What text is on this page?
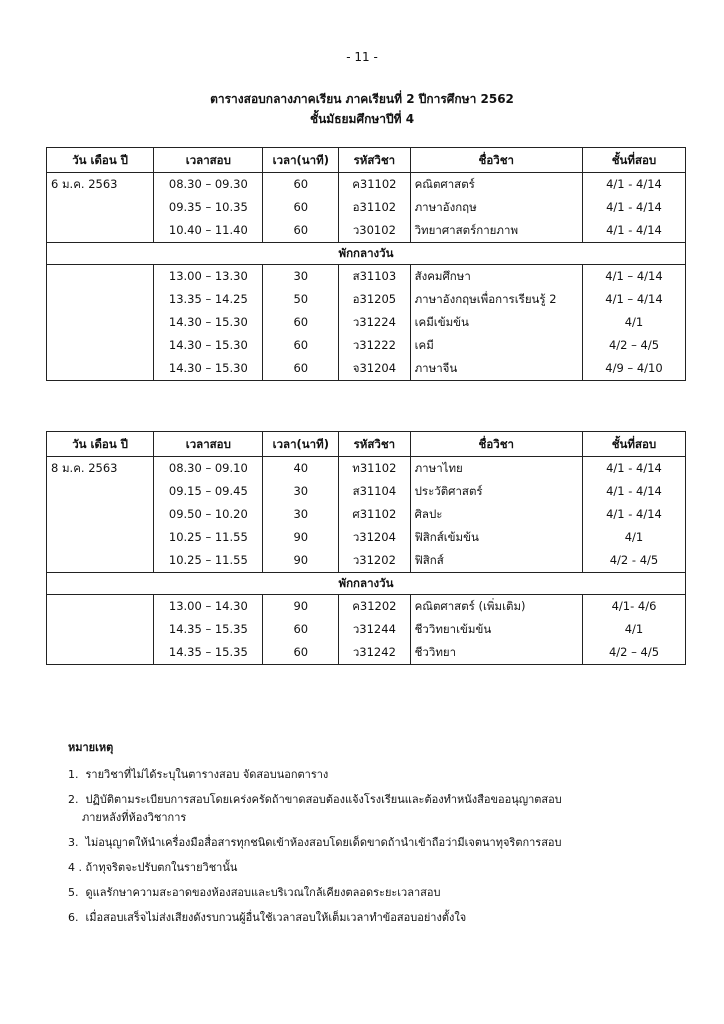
- 11 -
ตารางสอบกลางภาคเรียน ภาคเรียนที่ 2 ปีการศึกษา 2562
ชั้นมัธยมศึกษาปีที่ 4
วัน เดือน ปี	เวลาสอบ	เวลา(นาที)	รหัสวิชา	ชื่อวิชา	ชั้นที่สอบ
6 ม.ค. 2563	08.30 – 09.30	60	ค31102	คณิตศาสตร์	4/1 - 4/14
	09.35 – 10.35	60	อ31102	ภาษาอังกฤษ	4/1 - 4/14
	10.40 – 11.40	60	ว30102	วิทยาศาสตร์กายภาพ	4/1 - 4/14
พักกลางวัน					
	13.00 – 13.30	30	ส31103	สังคมศึกษา	4/1 – 4/14
	13.35 – 14.25	50	อ31205	ภาษาอังกฤษเพื่อการเรียนรู้ 2	4/1 – 4/14
	14.30 – 15.30	60	ว31224	เคมีเข้มข้น	4/1
	14.30 – 15.30	60	ว31222	เคมี	4/2 – 4/5
	14.30 – 15.30	60	จ31204	ภาษาจีน	4/9 – 4/10
วัน เดือน ปี	เวลาสอบ	เวลา(นาที)	รหัสวิชา	ชื่อวิชา	ชั้นที่สอบ
8 ม.ค. 2563	08.30 – 09.10	40	ท31102	ภาษาไทย	4/1 - 4/14
	09.15 – 09.45	30	ส31104	ประวัติศาสตร์	4/1 - 4/14
	09.50 – 10.20	30	ศ31102	ศิลปะ	4/1 - 4/14
	10.25 – 11.55	90	ว31204	ฟิสิกส์เข้มข้น	4/1
	10.25 – 11.55	90	ว31202	ฟิสิกส์	4/2 - 4/5
พักกลางวัน					
	13.00 – 14.30	90	ค31202	คณิตศาสตร์ (เพิ่มเติม)	4/1- 4/6
	14.35 – 15.35	60	ว31244	ชีววิทยาเข้มข้น	4/1
	14.35 – 15.35	60	ว31242	ชีววิทยา	4/2 – 4/5
หมายเหตุ
1. รายวิชาที่ไม่ได้ระบุในตารางสอบ จัดสอบนอกตาราง
2. ปฏิบัติตามระเบียบการสอบโดยเคร่งครัดถ้าขาดสอบต้องแจ้งโรงเรียนและต้องทำหนังสือขออนุญาตสอบ
ภายหลังที่ห้องวิชาการ
3. ไม่อนุญาตให้นำเครื่องมือสื่อสารทุกชนิดเข้าห้องสอบโดยเด็ดขาดถ้านำเข้าถือว่ามีเจตนาทุจริตการสอบ
4 . ถ้าทุจริตจะปรับตกในรายวิชานั้น
5. ดูแลรักษาความสะอาดของห้องสอบและบริเวณใกล้เคียงตลอดระยะเวลาสอบ
6. เมื่อสอบเสร็จไม่ส่งเสียงดังรบกวนผู้อื่นใช้เวลาสอบให้เต็มเวลาทำข้อสอบอย่างตั้งใจ
